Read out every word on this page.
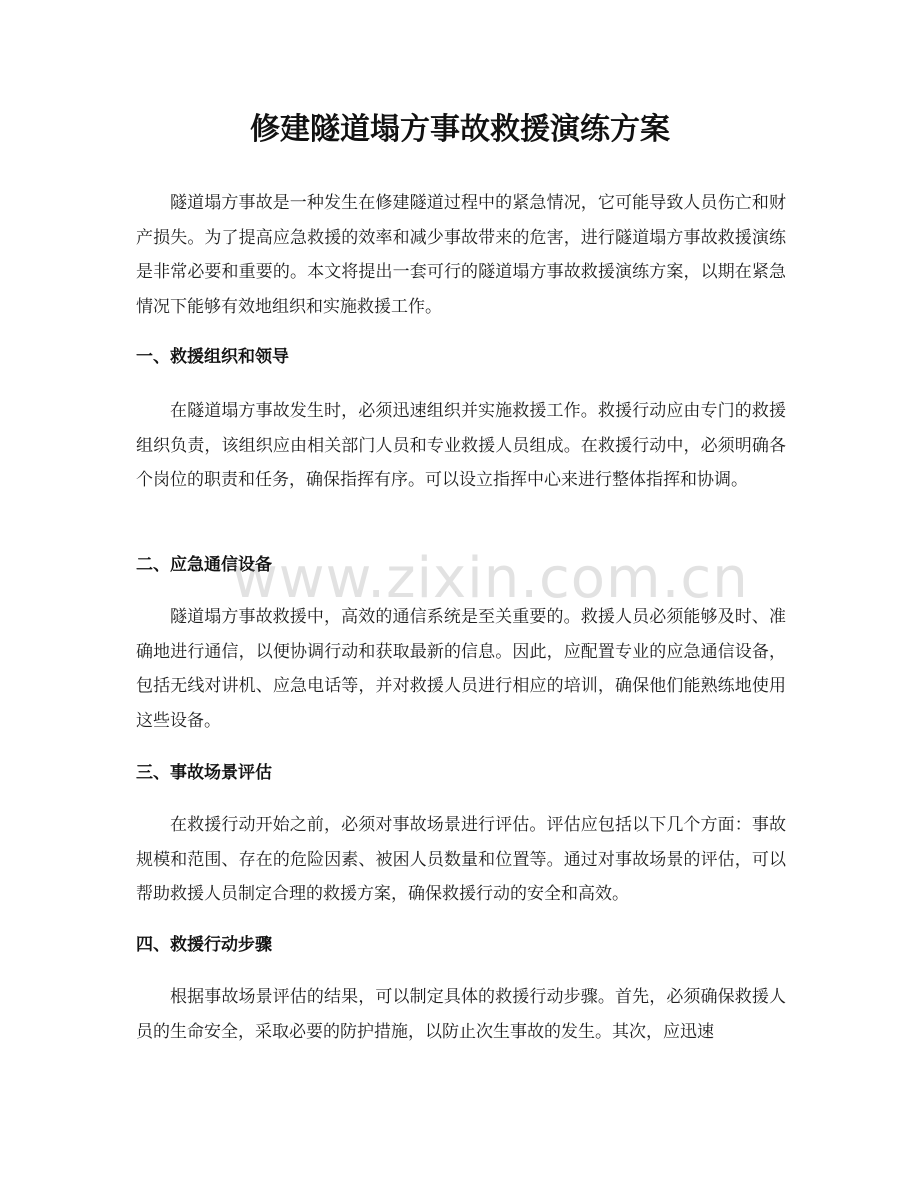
修建隧道塌方事故救援演练方案

隧道塌方事故是一种发生在修建隧道过程中的紧急情况，它可能导致人员伤亡和财产损失。为了提高应急救援的效率和减少事故带来的危害，进行隧道塌方事故救援演练是非常必要和重要的。本文将提出一套可行的隧道塌方事故救援演练方案，以期在紧急情况下能够有效地组织和实施救援工作。

一、救援组织和领导

在隧道塌方事故发生时，必须迅速组织并实施救援工作。救援行动应由专门的救援组织负责，该组织应由相关部门人员和专业救援人员组成。在救援行动中，必须明确各个岗位的职责和任务，确保指挥有序。可以设立指挥中心来进行整体指挥和协调。

二、应急通信设备

隧道塌方事故救援中，高效的通信系统是至关重要的。救援人员必须能够及时、准确地进行通信，以便协调行动和获取最新的信息。因此，应配置专业的应急通信设备，包括无线对讲机、应急电话等，并对救援人员进行相应的培训，确保他们能熟练地使用这些设备。

三、事故场景评估

在救援行动开始之前，必须对事故场景进行评估。评估应包括以下几个方面：事故规模和范围、存在的危险因素、被困人员数量和位置等。通过对事故场景的评估，可以帮助救援人员制定合理的救援方案，确保救援行动的安全和高效。

四、救援行动步骤

根据事故场景评估的结果，可以制定具体的救援行动步骤。首先，必须确保救援人员的生命安全，采取必要的防护措施，以防止次生事故的发生。其次，应迅速

www.zixin.com.cn
